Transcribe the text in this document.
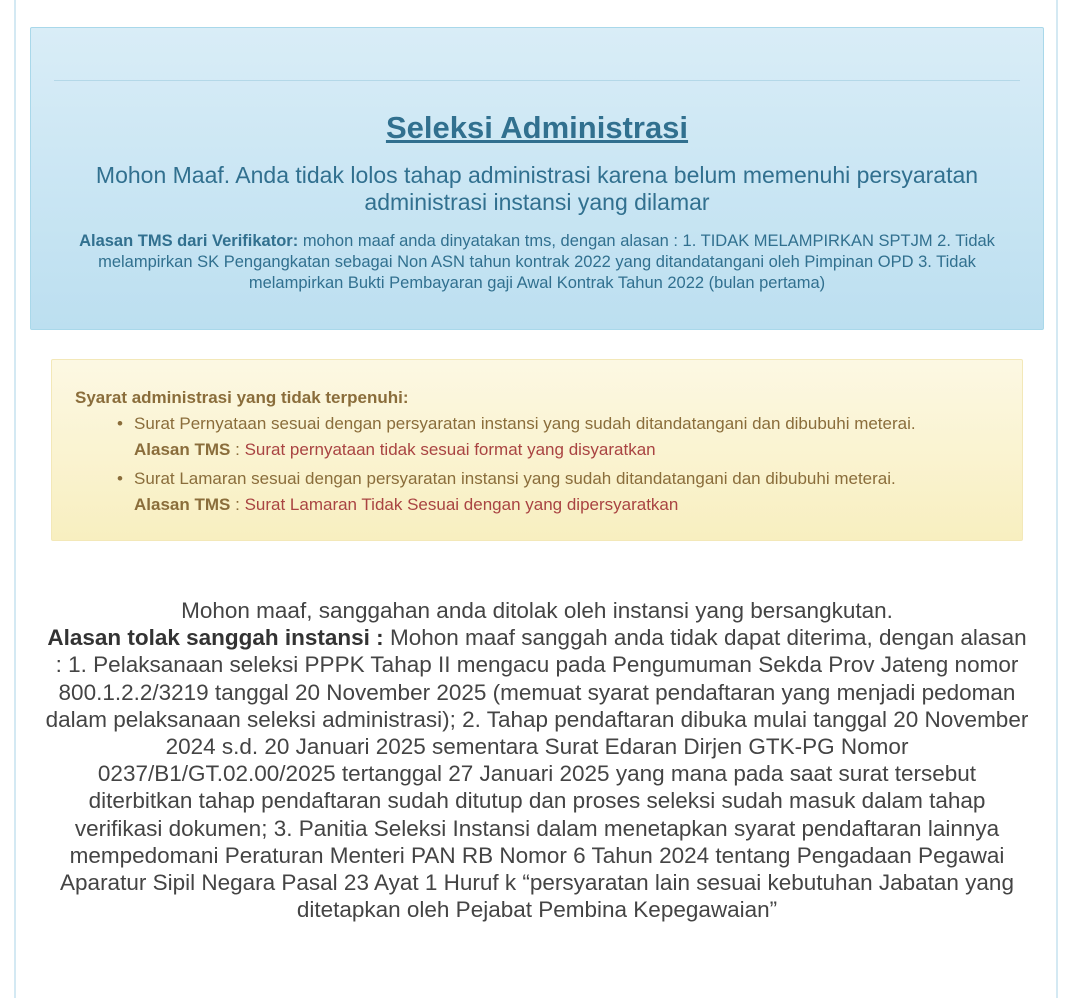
Seleksi Administrasi

Mohon Maaf. Anda tidak lolos tahap administrasi karena belum memenuhi persyaratan administrasi instansi yang dilamar

Alasan TMS dari Verifikator: mohon maaf anda dinyatakan tms, dengan alasan : 1. TIDAK MELAMPIRKAN SPTJM 2. Tidak melampirkan SK Pengangkatan sebagai Non ASN tahun kontrak 2022 yang ditandatangani oleh Pimpinan OPD 3. Tidak melampirkan Bukti Pembayaran gaji Awal Kontrak Tahun 2022 (bulan pertama)

Syarat administrasi yang tidak terpenuhi:

• Surat Pernyataan sesuai dengan persyaratan instansi yang sudah ditandatangani dan dibubuhi meterai.
Alasan TMS : Surat pernyataan tidak sesuai format yang disyaratkan
• Surat Lamaran sesuai dengan persyaratan instansi yang sudah ditandatangani dan dibubuhi meterai.
Alasan TMS : Surat Lamaran Tidak Sesuai dengan yang dipersyaratkan

Mohon maaf, sanggahan anda ditolak oleh instansi yang bersangkutan.
Alasan tolak sanggah instansi : Mohon maaf sanggah anda tidak dapat diterima, dengan alasan : 1. Pelaksanaan seleksi PPPK Tahap II mengacu pada Pengumuman Sekda Prov Jateng nomor 800.1.2.2/3219 tanggal 20 November 2025 (memuat syarat pendaftaran yang menjadi pedoman dalam pelaksanaan seleksi administrasi); 2. Tahap pendaftaran dibuka mulai tanggal 20 November 2024 s.d. 20 Januari 2025 sementara Surat Edaran Dirjen GTK-PG Nomor 0237/B1/GT.02.00/2025 tertanggal 27 Januari 2025 yang mana pada saat surat tersebut diterbitkan tahap pendaftaran sudah ditutup dan proses seleksi sudah masuk dalam tahap verifikasi dokumen; 3. Panitia Seleksi Instansi dalam menetapkan syarat pendaftaran lainnya mempedomani Peraturan Menteri PAN RB Nomor 6 Tahun 2024 tentang Pengadaan Pegawai Aparatur Sipil Negara Pasal 23 Ayat 1 Huruf k “persyaratan lain sesuai kebutuhan Jabatan yang ditetapkan oleh Pejabat Pembina Kepegawaian”
